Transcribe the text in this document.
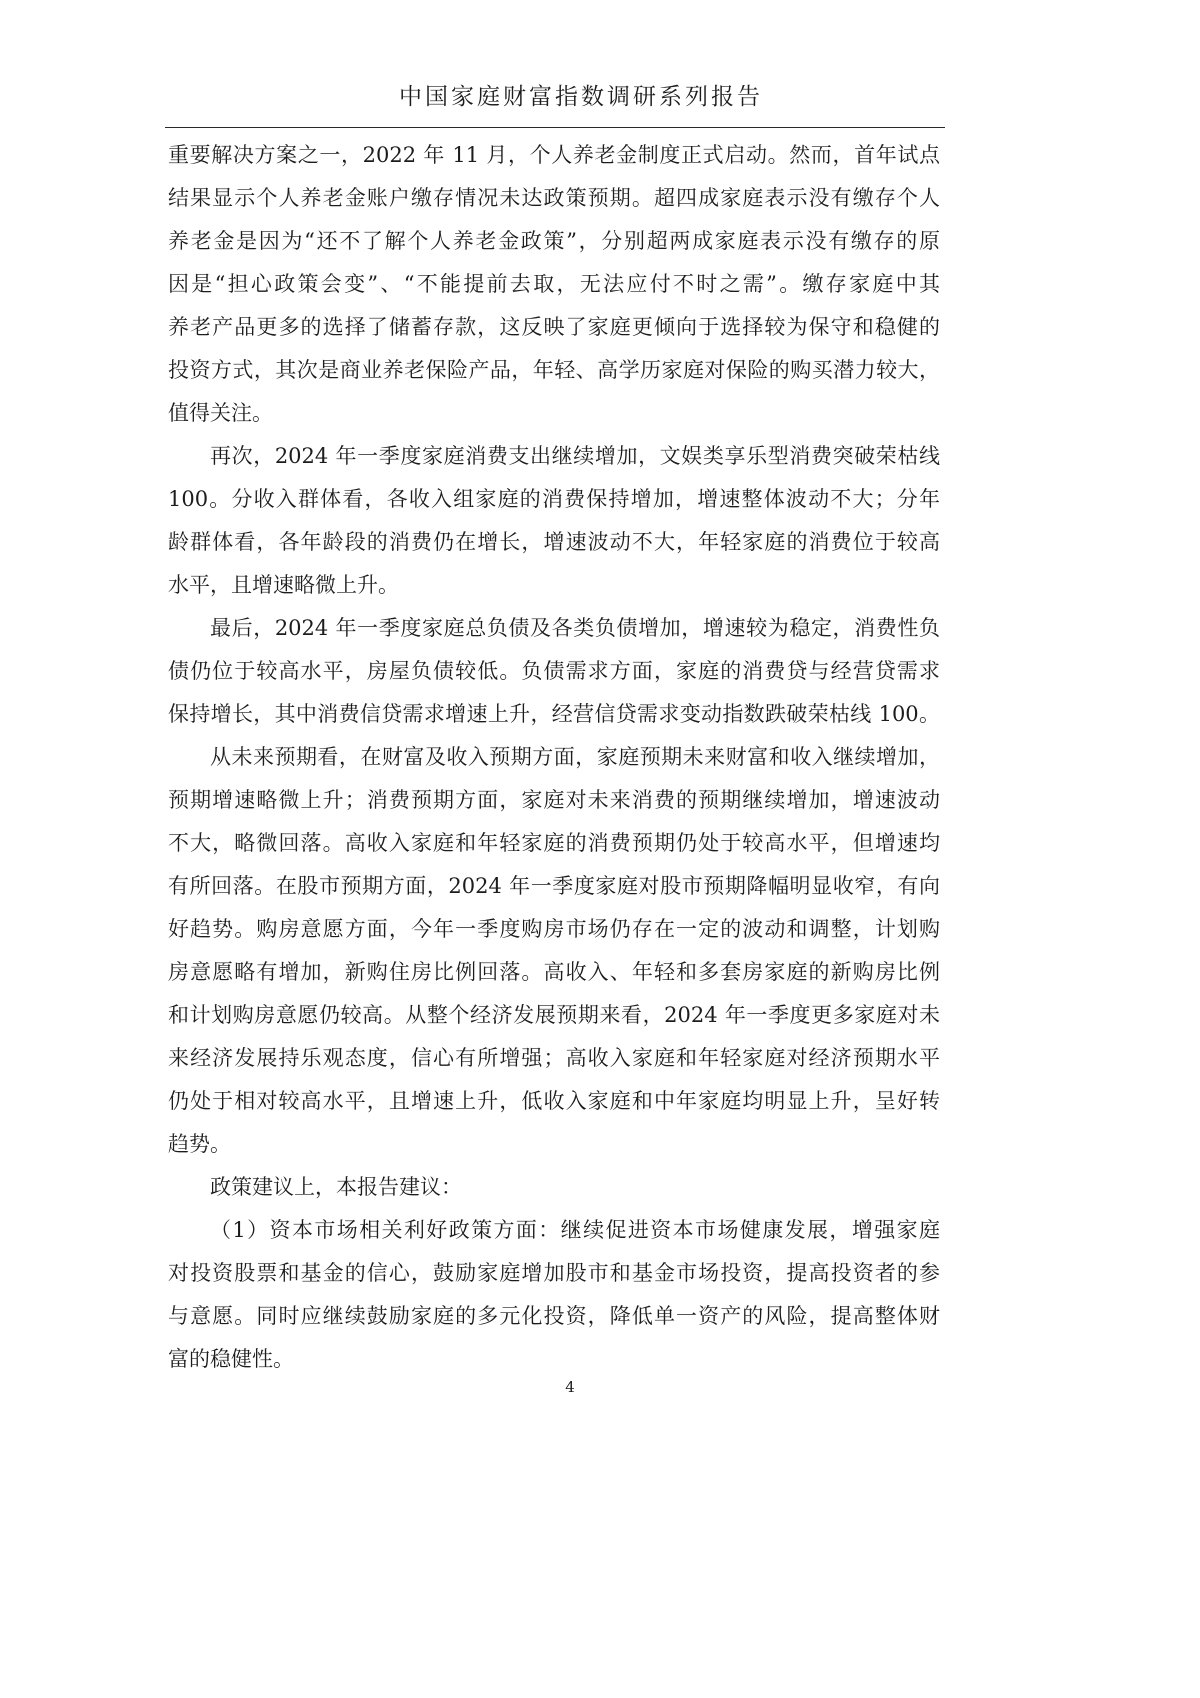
中国家庭财富指数调研系列报告
重要解决方案之一，2022 年 11 月，个人养老金制度正式启动。然而，首年试点
结果显示个人养老金账户缴存情况未达政策预期。超四成家庭表示没有缴存个人
养老金是因为“还不了解个人养老金政策”，分别超两成家庭表示没有缴存的原
因是“担心政策会变”、“不能提前去取，无法应付不时之需”。缴存家庭中其
养老产品更多的选择了储蓄存款，这反映了家庭更倾向于选择较为保守和稳健的
投资方式，其次是商业养老保险产品，年轻、高学历家庭对保险的购买潜力较大，
值得关注。
再次，2024 年一季度家庭消费支出继续增加，文娱类享乐型消费突破荣枯线
100。分收入群体看，各收入组家庭的消费保持增加，增速整体波动不大；分年
龄群体看，各年龄段的消费仍在增长，增速波动不大，年轻家庭的消费位于较高
水平，且增速略微上升。
最后，2024 年一季度家庭总负债及各类负债增加，增速较为稳定，消费性负
债仍位于较高水平，房屋负债较低。负债需求方面，家庭的消费贷与经营贷需求
保持增长，其中消费信贷需求增速上升，经营信贷需求变动指数跌破荣枯线 100。
从未来预期看，在财富及收入预期方面，家庭预期未来财富和收入继续增加，
预期增速略微上升；消费预期方面，家庭对未来消费的预期继续增加，增速波动
不大，略微回落。高收入家庭和年轻家庭的消费预期仍处于较高水平，但增速均
有所回落。在股市预期方面，2024 年一季度家庭对股市预期降幅明显收窄，有向
好趋势。购房意愿方面，今年一季度购房市场仍存在一定的波动和调整，计划购
房意愿略有增加，新购住房比例回落。高收入、年轻和多套房家庭的新购房比例
和计划购房意愿仍较高。从整个经济发展预期来看，2024 年一季度更多家庭对未
来经济发展持乐观态度，信心有所增强；高收入家庭和年轻家庭对经济预期水平
仍处于相对较高水平，且增速上升，低收入家庭和中年家庭均明显上升，呈好转
趋势。
政策建议上，本报告建议：
（1）资本市场相关利好政策方面：继续促进资本市场健康发展，增强家庭
对投资股票和基金的信心，鼓励家庭增加股市和基金市场投资，提高投资者的参
与意愿。同时应继续鼓励家庭的多元化投资，降低单一资产的风险，提高整体财
富的稳健性。
4
